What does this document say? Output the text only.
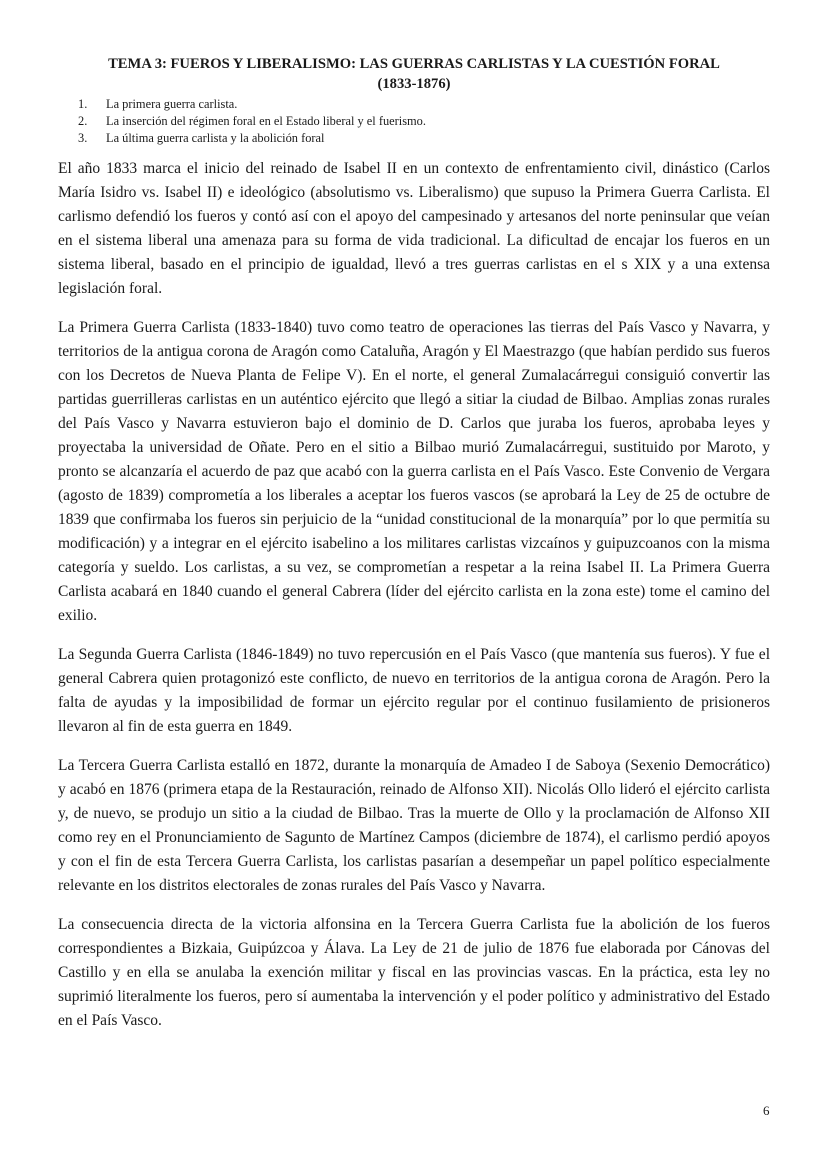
TEMA 3: FUEROS Y LIBERALISMO: LAS GUERRAS CARLISTAS Y LA CUESTIÓN FORAL
(1833-1876)
1.	La primera guerra carlista.
2.	La inserción del régimen foral en el Estado liberal y el fuerismo.
3.	La última guerra carlista y la abolición foral

El año 1833 marca el inicio del reinado de Isabel II en un contexto de enfrentamiento civil, dinástico (Carlos María Isidro vs. Isabel II) e ideológico (absolutismo vs. Liberalismo) que supuso la Primera Guerra Carlista. El carlismo defendió los fueros y contó así con el apoyo del campesinado y artesanos del norte peninsular que veían en el sistema liberal una amenaza para su forma de vida tradicional. La dificultad de encajar los fueros en un sistema liberal, basado en el principio de igualdad, llevó a tres guerras carlistas en el s XIX y a una extensa legislación foral.

La Primera Guerra Carlista (1833-1840) tuvo como teatro de operaciones las tierras del País Vasco y Navarra, y territorios de la antigua corona de Aragón como Cataluña, Aragón y El Maestrazgo (que habían perdido sus fueros con los Decretos de Nueva Planta de Felipe V). En el norte, el general Zumalacárregui consiguió convertir las partidas guerrilleras carlistas en un auténtico ejército que llegó a sitiar la ciudad de Bilbao. Amplias zonas rurales del País Vasco y Navarra estuvieron bajo el dominio de D. Carlos que juraba los fueros, aprobaba leyes y proyectaba la universidad de Oñate. Pero en el sitio a Bilbao murió Zumalacárregui, sustituido por Maroto, y pronto se alcanzaría el acuerdo de paz que acabó con la guerra carlista en el País Vasco. Este Convenio de Vergara (agosto de 1839) comprometía a los liberales a aceptar los fueros vascos (se aprobará la Ley de 25 de octubre de 1839 que confirmaba los fueros sin perjuicio de la “unidad constitucional de la monarquía” por lo que permitía su modificación) y a integrar en el ejército isabelino a los militares carlistas vizcaínos y guipuzcoanos con la misma categoría y sueldo. Los carlistas, a su vez, se comprometían a respetar a la reina Isabel II. La Primera Guerra Carlista acabará en 1840 cuando el general Cabrera (líder del ejército carlista en la zona este) tome el camino del exilio.

La Segunda Guerra Carlista (1846-1849) no tuvo repercusión en el País Vasco (que mantenía sus fueros). Y fue el general Cabrera quien protagonizó este conflicto, de nuevo en territorios de la antigua corona de Aragón. Pero la falta de ayudas y la imposibilidad de formar un ejército regular por el continuo fusilamiento de prisioneros llevaron al fin de esta guerra en 1849.

La Tercera Guerra Carlista estalló en 1872, durante la monarquía de Amadeo I de Saboya (Sexenio Democrático) y acabó en 1876 (primera etapa de la Restauración, reinado de Alfonso XII). Nicolás Ollo lideró el ejército carlista y, de nuevo, se produjo un sitio a la ciudad de Bilbao. Tras la muerte de Ollo y la proclamación de Alfonso XII como rey en el Pronunciamiento de Sagunto de Martínez Campos (diciembre de 1874), el carlismo perdió apoyos y con el fin de esta Tercera Guerra Carlista, los carlistas pasarían a desempeñar un papel político especialmente relevante en los distritos electorales de zonas rurales del País Vasco y Navarra.

La consecuencia directa de la victoria alfonsina en la Tercera Guerra Carlista fue la abolición de los fueros correspondientes a Bizkaia, Guipúzcoa y Álava. La Ley de 21 de julio de 1876 fue elaborada por Cánovas del Castillo y en ella se anulaba la exención militar y fiscal en las provincias vascas. En la práctica, esta ley no suprimió literalmente los fueros, pero sí aumentaba la intervención y el poder político y administrativo del Estado en el País Vasco.

6
